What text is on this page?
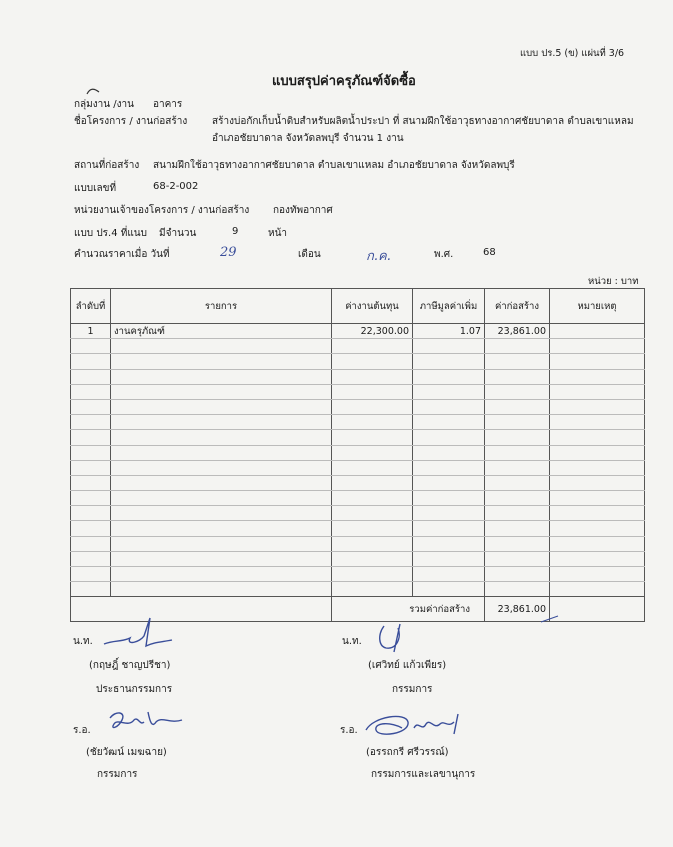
แบบ ปร.5 (ข) แผ่นที่ 3/6
แบบสรุปค่าครุภัณฑ์จัดซื้อ
กลุ่มงาน /งาน อาคาร
ชื่อโครงการ / งานก่อสร้าง สร้างบ่อกักเก็บน้ำดิบสำหรับผลิตน้ำประปา ที่ สนามฝึกใช้อาวุธทางอากาศชัยบาดาล ตำบลเขาแหลม
อำเภอชัยบาดาล จังหวัดลพบุรี จำนวน 1 งาน
สถานที่ก่อสร้าง สนามฝึกใช้อาวุธทางอากาศชัยบาดาล ตำบลเขาแหลม อำเภอชัยบาดาล จังหวัดลพบุรี
แบบเลขที่	68-2-002
หน่วยงานเจ้าของโครงการ / งานก่อสร้าง กองทัพอากาศ
แบบ ปร.4 ที่แนบ มีจำนวน	9	หน้า
คำนวณราคาเมื่อ วันที่	29	เดือน	ก.ค.	พ.ศ.	68
หน่วย : บาท
ลำดับที่	รายการ	ค่างานต้นทุน	ภาษีมูลค่าเพิ่ม	ค่าก่อสร้าง	หมายเหตุ
1	งานครุภัณฑ์	22,300.00	1.07	23,861.00	

		รวมค่าก่อสร้าง		23,861.00	
น.ท.
(กฤษฎิ์ ชาญปรีชา)
ประธานกรรมการ
น.ท.
(เศวิทย์ แก้วเพียร)
กรรมการ
ร.อ.
(ชัยวัฒน์ เมฆฉาย)
กรรมการ
ร.อ.
(อรรถกรี ศรีวรรณ์)
กรรมการและเลขานุการ
